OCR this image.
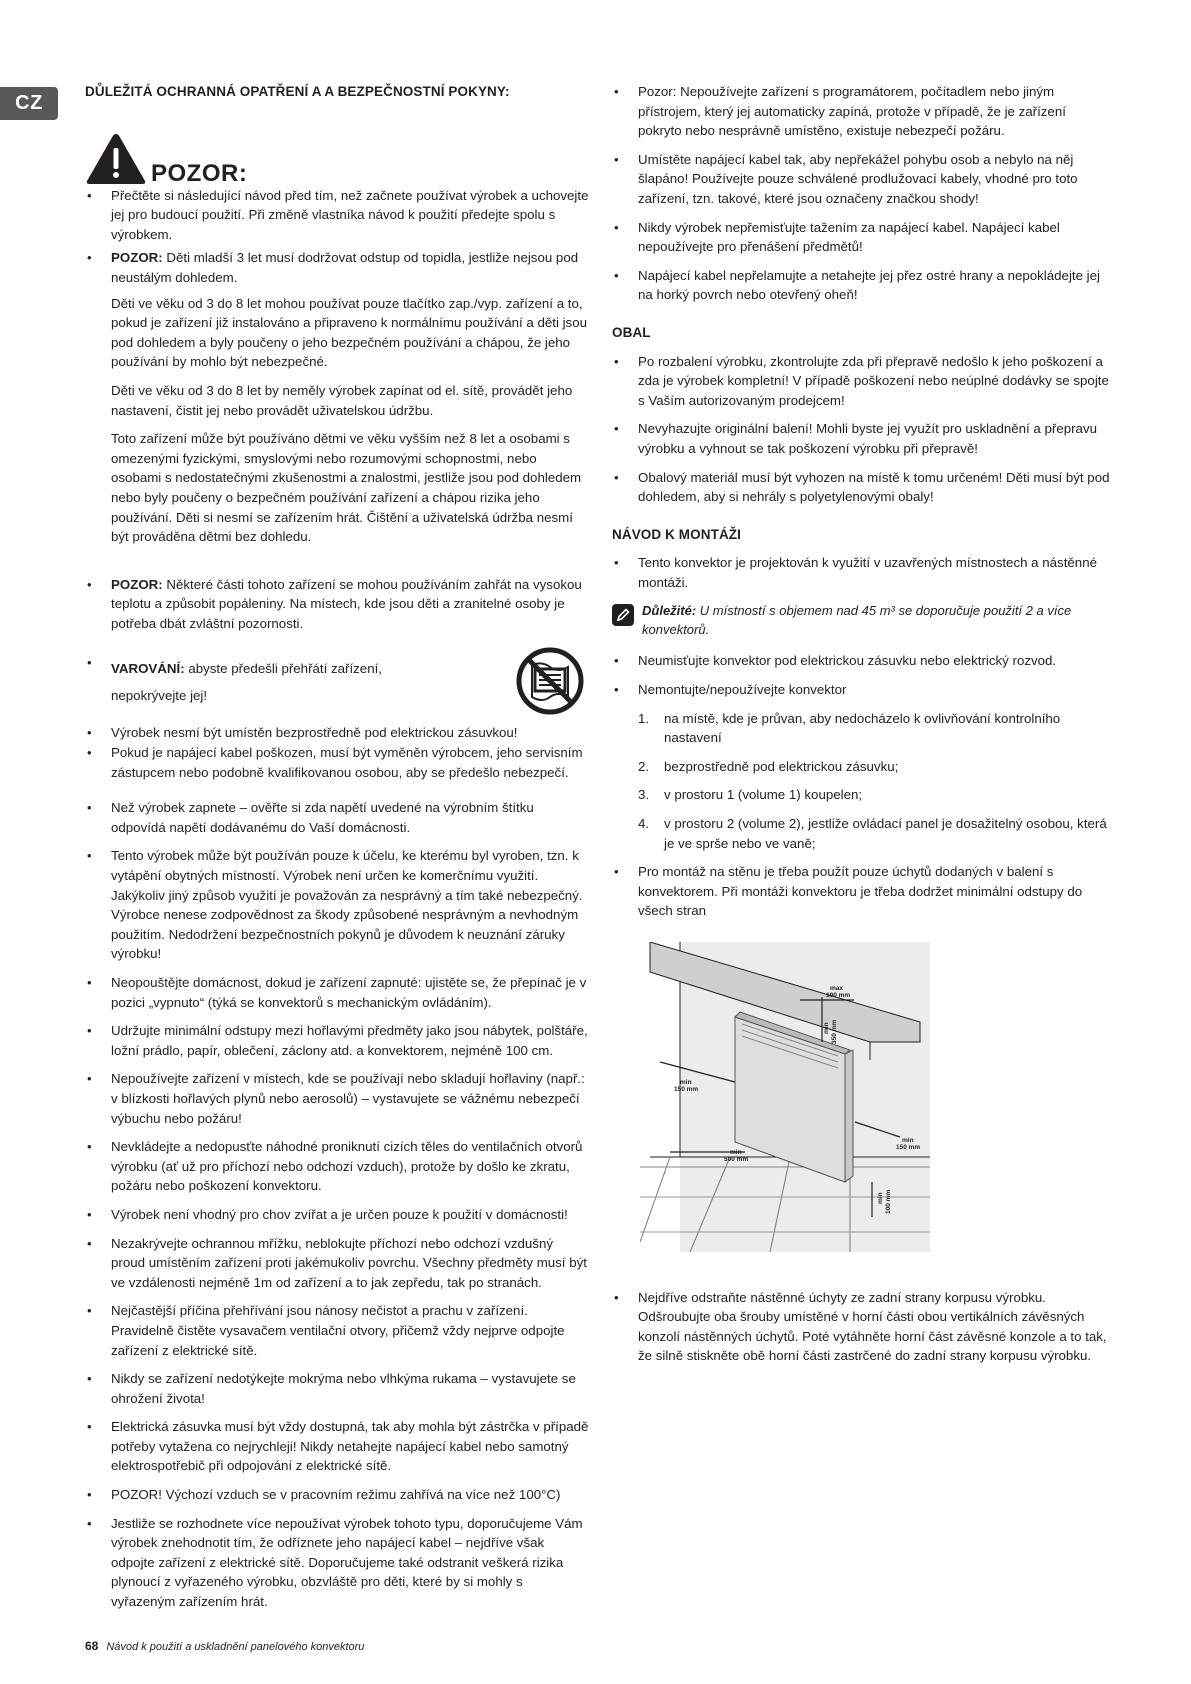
CZ

DŮLEŽITÁ OCHRANNÁ OPATŘENÍ A A BEZPEČNOSTNÍ POKYNY:

POZOR:
• Přečtěte si následující návod před tím, než začnete používat výrobek a uchovejte jej pro budoucí použití. Při změně vlastníka návod k použití předejte spolu s výrobkem.
• POZOR: Děti mladší 3 let musí dodržovat odstup od topidla, jestliže nejsou pod neustálým dohledem.

Děti ve věku od 3 do 8 let mohou používat pouze tlačítko zap./vyp. zařízení a to, pokud je zařízení již instalováno a připraveno k normálnímu používání a děti jsou pod dohledem a byly poučeny o jeho bezpečném používání a chápou, že jeho používání by mohlo být nebezpečné.

Děti ve věku od 3 do 8 let by neměly výrobek zapínat od el. sítě, provádět jeho nastavení, čistit jej nebo provádět uživatelskou údržbu.

Toto zařízení může být používáno dětmi ve věku vyšším než 8 let a osobami s omezenými fyzickými, smyslovými nebo rozumovými schopnostmi, nebo osobami s nedostatečnými zkušenostmi a znalostmi, jestliže jsou pod dohledem nebo byly poučeny o bezpečném používání zařízení a chápou rizika jeho používání. Děti si nesmí se zařízením hrát. Čištění a uživatelská údržba nesmí být prováděna dětmi bez dohledu.

• POZOR: Některé části tohoto zařízení se mohou používáním zahřát na vysokou teplotu a způsobit popáleniny. Na místech, kde jsou děti a zranitelné osoby je potřeba dbát zvláštní pozornosti.
• VAROVÁNÍ: abyste předešli přehřátí zařízení,
nepokrývejte jej!
• Výrobek nesmí být umístěn bezprostředně pod elektrickou zásuvkou!
• Pokud je napájecí kabel poškozen, musí být vyměněn výrobcem, jeho servisním zástupcem nebo podobně kvalifikovanou osobou, aby se předešlo nebezpečí.
• Než výrobek zapnete – ověřte si zda napětí uvedené na výrobním štítku odpovídá napětí dodávanému do Vaší domácnosti.
• Tento výrobek může být používán pouze k účelu, ke kterému byl vyroben, tzn. k vytápění obytných místností. Výrobek není určen ke komerčnímu využití. Jakýkoliv jiný způsob využití je považován za nesprávný a tím také nebezpečný. Výrobce nenese zodpovědnost za škody způsobené nesprávným a nevhodným použitím. Nedodržení bezpečnostních pokynů je důvodem k neuznání záruky výrobku!
• Neopouštějte domácnost, dokud je zařízení zapnuté: ujistěte se, že přepínač je v pozici „vypnuto“ (týká se konvektorů s mechanickým ovládáním).
• Udržujte minimální odstupy mezi hořlavými předměty jako jsou nábytek, polštáře, ložní prádlo, papír, oblečení, záclony atd. a konvektorem, nejméně 100 cm.
• Nepoužívejte zařízení v místech, kde se používají nebo skladují hořlaviny (např.: v blízkosti hořlavých plynů nebo aerosolů) – vystavujete se vážnému nebezpečí výbuchu nebo požáru!
• Nevkládejte a nedopusťte náhodné proniknutí cizích těles do ventilačních otvorů výrobku (ať už pro příchozí nebo odchozí vzduch), protože by došlo ke zkratu, požáru nebo poškození konvektoru.
• Výrobek není vhodný pro chov zvířat a je určen pouze k použití v domácnosti!
• Nezakrývejte ochrannou mřížku, neblokujte příchozí nebo odchozí vzdušný proud umístěním zařízení proti jakémukoliv povrchu. Všechny předměty musí být ve vzdálenosti nejméně 1m od zařízení a to jak zepředu, tak po stranách.
• Nejčastější příčina přehřívání jsou nánosy nečistot a prachu v zařízení. Pravidelně čistěte vysavačem ventilační otvory, přičemž vždy nejprve odpojte zařízení z elektrické sítě.
• Nikdy se zařízení nedotýkejte mokrýma nebo vlhkýma rukama – vystavujete se ohrožení života!
• Elektrická zásuvka musí být vždy dostupná, tak aby mohla být zástrčka v případě potřeby vytažena co nejrychleji! Nikdy netahejte napájecí kabel nebo samotný elektrospotřebič při odpojování z elektrické sítě.
• POZOR! Výchozí vzduch se v pracovním režimu zahřívá na více než 100°C)
• Jestliže se rozhodnete více nepoužívat výrobek tohoto typu, doporučujeme Vám výrobek znehodnotit tím, že odříznete jeho napájecí kabel – nejdříve však odpojte zařízení z elektrické sítě. Doporučujeme také odstranit veškerá rizika plynoucí z vyřazeného výrobku, obzvláště pro děti, které by si mohly s vyřazeným zařízením hrát.
• Pozor: Nepoužívejte zařízení s programátorem, počítadlem nebo jiným přístrojem, který jej automaticky zapíná, protože v případě, že je zařízení pokryto nebo nesprávně umístěno, existuje nebezpečí požáru.
• Umístěte napájecí kabel tak, aby nepřekážel pohybu osob a nebylo na něj šlapáno! Používejte pouze schválené prodlužovací kabely, vhodné pro toto zařízení, tzn. takové, které jsou označeny značkou shody!
• Nikdy výrobek nepřemisťujte tažením za napájecí kabel. Napájecí kabel nepoužívejte pro přenášení předmětů!
• Napájecí kabel nepřelamujte a netahejte jej přez ostré hrany a nepokládejte jej na horký povrch nebo otevřený oheň!

OBAL

• Po rozbalení výrobku, zkontrolujte zda při přepravě nedošlo k jeho poškození a zda je výrobek kompletní! V případě poškození nebo neúplné dodávky se spojte s Vaším autorizovaným prodejcem!
• Nevyhazujte originální balení! Mohli byste jej využít pro uskladnění a přepravu výrobku a vyhnout se tak poškození výrobku při přepravě!
• Obalový materiál musí být vyhozen na místě k tomu určeném! Děti musí být pod dohledem, aby si nehrály s polyetylenovými obaly!

NÁVOD K MONTÁŽI

• Tento konvektor je projektován k využití v uzavřených místnostech a nástěnné montáži.
Důležité: U místností s objemem nad 45 m³ se doporučuje použití 2 a více konvektorů.
• Neumisťujte konvektor pod elektrickou zásuvku nebo elektrický rozvod.
• Nemontujte/nepoužívejte konvektor
1. na místě, kde je průvan, aby nedocházelo k ovlivňování kontrolního nastavení
2. bezprostředně pod elektrickou zásuvku;
3. v prostoru 1 (volume 1) koupelen;
4. v prostoru 2 (volume 2), jestliže ovládací panel je dosažitelný osobou, která je ve sprše nebo ve vaně;
• Pro montáž na stěnu je třeba použít pouze úchytů dodaných v balení s konvektorem. Při montáži konvektoru je třeba dodržet minimální odstupy do všech stran
max
100 mm
min 350 mm
min
150 mm
min
150 mm
min
500 mm
min 100 mm
• Nejdříve odstraňte nástěnné úchyty ze zadní strany korpusu výrobku. Odšroubujte oba šrouby umístěné v horní části obou vertikálních závěsných konzolí nástěnných úchytů. Poté vytáhněte horní část závěsné konzole a to tak, že silně stiskněte obě horní části zastrčené do zadní strany korpusu výrobku.
68 Návod k použití a uskladnění panelového konvektoru
